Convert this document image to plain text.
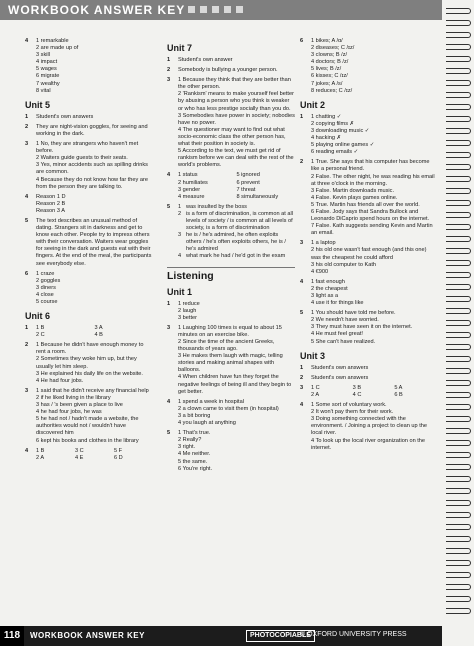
WORKBOOK ANSWER KEY
4	1 remarkable
2 are made up of
3 skill
4 impact
5 wages
6 migrate
7 wealthy
8 vital
Unit 5
1	Student's own answers
2	They are night-vision goggles, for seeing and working in the dark.
3	1 No, they are strangers who haven't met before.
2 Waiters guide guests to their seats.
3 Yes, minor accidents such as spilling drinks are common.
4 Because they do not know how far they are from the person they are talking to.
4	Reason 1 D
Reason 2 B
Reason 3 A
5	The text describes an unusual method of dating. Strangers sit in darkness and get to know each other. People try to impress others with their conversation. Waiters wear goggles for seeing in the dark and guests eat with their fingers. At the end of the meal, the participants see everybody else.
6	1 craze
2 goggles
3 diners
4 close
5 course
Unit 6
1	1 B	3 A
2 C	4 B
2	1 Because he didn't have enough money to rent a room.
2 Sometimes they woke him up, but they usually let him sleep.
3 He explained his daily life on the website.
4 He had four jobs.
3	1 said that he didn't receive any financial help
2 if he liked living in the library
3 has / 's been given a place to live
4 he had four jobs, he was
5 he had not / hadn't made a website, the authorities would not / wouldn't have discovered him
6 kept his books and clothes in the library
4	1 B	3 C	5 F
2 A	4 E	6 D
Unit 7
1	Student's own answer
2	Somebody is bullying a younger person.
3	1 Because they think that they are better than the other person.
2 'Rankism' means to make yourself feel better by abusing a person who you think is weaker or who has less prestige socially than you do.
3 Somebodies have power in society; nobodies have no power.
4 The questioner may want to find out what socio-economic class the other person has, what their position in society is.
5 According to the text, we must get rid of rankism before we can deal with the rest of the world's problems.
4	1 status	5 ignored
2 humiliates	6 prevent
3 gender	7 threat
4 measure	8 simultaneously
5	1 was insulted by the boss
2 is a form of discrimination, is common at all levels of society / is common at all levels of society, is a form of discrimination
3 he is / he's admired, he often exploits others / he's often exploits others, he is / he's admired
4 what mark he had / he'd got in the exam
Listening
Unit 1
1	1 reduce
2 laugh
3 better
3	1 Laughing 100 times is equal to about 15 minutes on an exercise bike.
2 Since the time of the ancient Greeks, thousands of years ago.
3 He makes them laugh with magic, telling stories and making animal shapes with balloons.
4 When children have fun they forget the negative feelings of being ill and they begin to get better.
4	1 spend a week in hospital
2 a clown came to visit them (in hospital)
3 a bit boring
4 you laugh at anything
5	1 That's true.
2 Really?
3 right.
4 Me neither.
5 the same.
6 You're right.
6	1 bikes; A /ɑ/
2 diseases; C /ɪz/
3 clowns; B /z/
4 doctors; B /z/
5 lives; B /z/
6 kisses; C /ɪz/
7 jokes; A /s/
8 reduces; C /ɪz/
Unit 2
1	1 chatting ✓
2 copying films ✗
3 downloading music ✓
4 hacking ✗
5 playing online games ✓
6 reading emails ✓
2	1 True. She says that his computer has become like a personal friend.
2 False. The other night, he was reading his email at three o'clock in the morning.
3 False. Martin downloads music.
4 False. Kevin plays games online.
5 True. Martin has friends all over the world.
6 False. Jody says that Sandra Bullock and Leonardo DiCaprio spend hours on the internet.
7 False. Kath suggests sending Kevin and Martin an email.
3	1 a laptop
2 his old one wasn't fast enough (and this one) was the cheapest he could afford
3 his old computer to Kath
4 €900
4	1 fast enough
2 the cheapest
3 light as a
4 use it for things like
5	1 You should have told me before.
2 We needn't have worried.
3 They must have seen it on the internet.
4 He must feel great!
5 She can't have realized.
Unit 3
1	Student's own answers
2	Student's own answers
3	1 C	3 B	5 A
2 A	4 C	6 B
4	1 Some sort of voluntary work.
2 It won't pay them for their work.
3 Doing something connected with the environment. / Joining a project to clean up the local river.
4 To look up the local river organization on the internet.
118	WORKBOOK ANSWER KEY	PHOTOCOPIABLE
© OXFORD UNIVERSITY PRESS
